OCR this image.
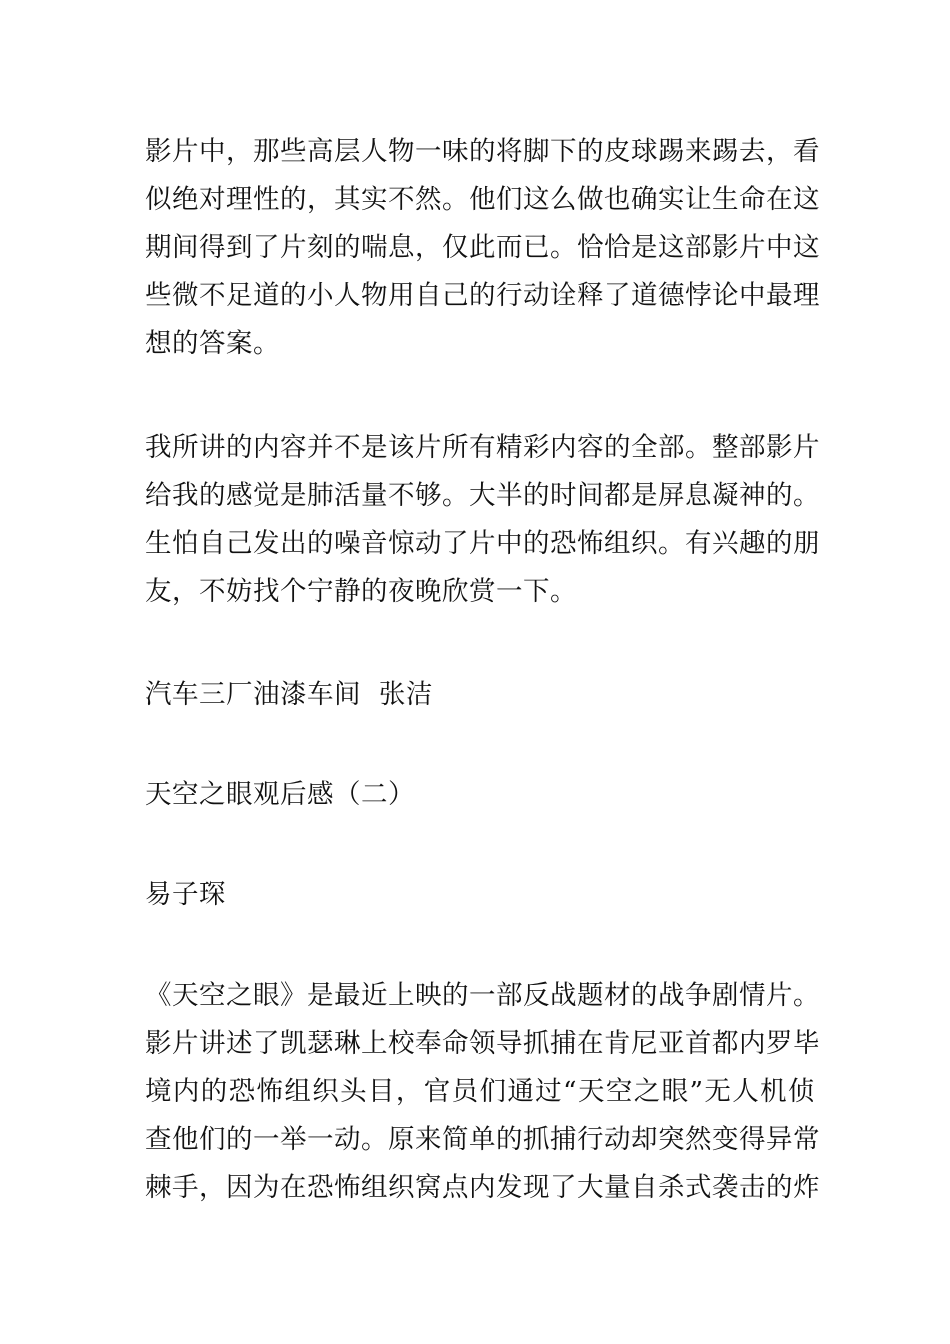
影片中，那些高层人物一味的将脚下的皮球踢来踢去，看

似绝对理性的，其实不然。他们这么做也确实让生命在这

期间得到了片刻的喘息，仅此而已。恰恰是这部影片中这

些微不足道的小人物用自己的行动诠释了道德悖论中最理

想的答案。

我所讲的内容并不是该片所有精彩内容的全部。整部影片

给我的感觉是肺活量不够。大半的时间都是屏息凝神的。

生怕自己发出的噪音惊动了片中的恐怖组织。有兴趣的朋

友，不妨找个宁静的夜晚欣赏一下。

汽车三厂油漆车间  张洁

天空之眼观后感（二）

易子琛

《天空之眼》是最近上映的一部反战题材的战争剧情片。

影片讲述了凯瑟琳上校奉命领导抓捕在肯尼亚首都内罗毕

境内的恐怖组织头目，官员们通过“天空之眼”无人机侦

查他们的一举一动。原来简单的抓捕行动却突然变得异常

棘手，因为在恐怖组织窝点内发现了大量自杀式袭击的炸
